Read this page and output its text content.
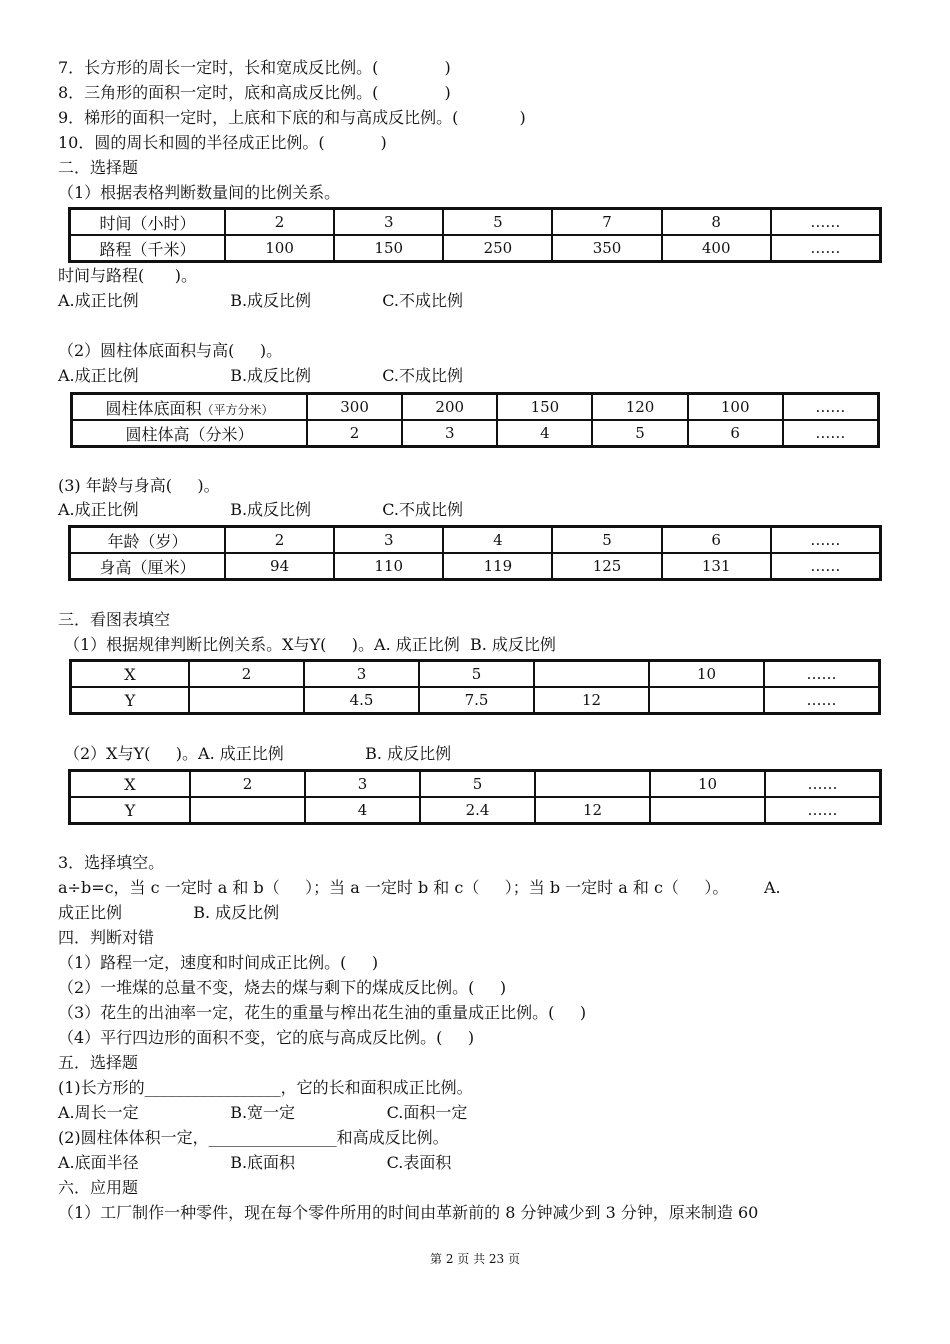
7．长方形的周长一定时，长和宽成反比例。(             )
8．三角形的面积一定时，底和高成反比例。(             )
9．梯形的面积一定时，上底和下底的和与高成反比例。(            )
10．圆的周长和圆的半径成正比例。(           )
二．选择题
（1）根据表格判断数量间的比例关系。
时间（小时）	2	3	5	7	8	……
路程（千米）	100	150	250	350	400	……
时间与路程(      )。
A.成正比例                  B.成反比例              C.不成比例
（2）圆柱体底面积与高(     )。
A.成正比例                  B.成反比例              C.不成比例
圆柱体底面积（平方分米）	300	200	150	120	100	……
圆柱体高（分米）	2	3	4	5	6	……
(3) 年龄与身高(     )。
A.成正比例                  B.成反比例              C.不成比例
年龄（岁）	2	3	4	5	6	……
身高（厘米）	94	110	119	125	131	……
三．看图表填空
（1）根据规律判断比例关系。X与Y(     )。A. 成正比例  B. 成反比例
X	2	3	5		10	……
Y		4.5	7.5	12		……
（2）X与Y(     )。A. 成正比例                B. 成反比例
X	2	3	5		10	……
Y		4	2.4	12		……
3．选择填空。
a÷b=c，当 c 一定时 a 和 b（     ）；当 a 一定时 b 和 c（     ）；当 b 一定时 a 和 c（     ）。       A.
成正比例              B. 成反比例
四．判断对错
（1）路程一定，速度和时间成正比例。(     )
（2）一堆煤的总量不变，烧去的煤与剩下的煤成反比例。(     )
（3）花生的出油率一定，花生的重量与榨出花生油的重量成正比例。(     )
（4）平行四边形的面积不变，它的底与高成反比例。(     )
五．选择题
(1)长方形的_________________，它的长和面积成正比例。
A.周长一定                  B.宽一定                  C.面积一定
(2)圆柱体体积一定，________________和高成反比例。
A.底面半径                  B.底面积                  C.表面积
六．应用题
（1）工厂制作一种零件，现在每个零件所用的时间由革新前的 8 分钟减少到 3 分钟，原来制造 60
第 2 页 共 23 页
